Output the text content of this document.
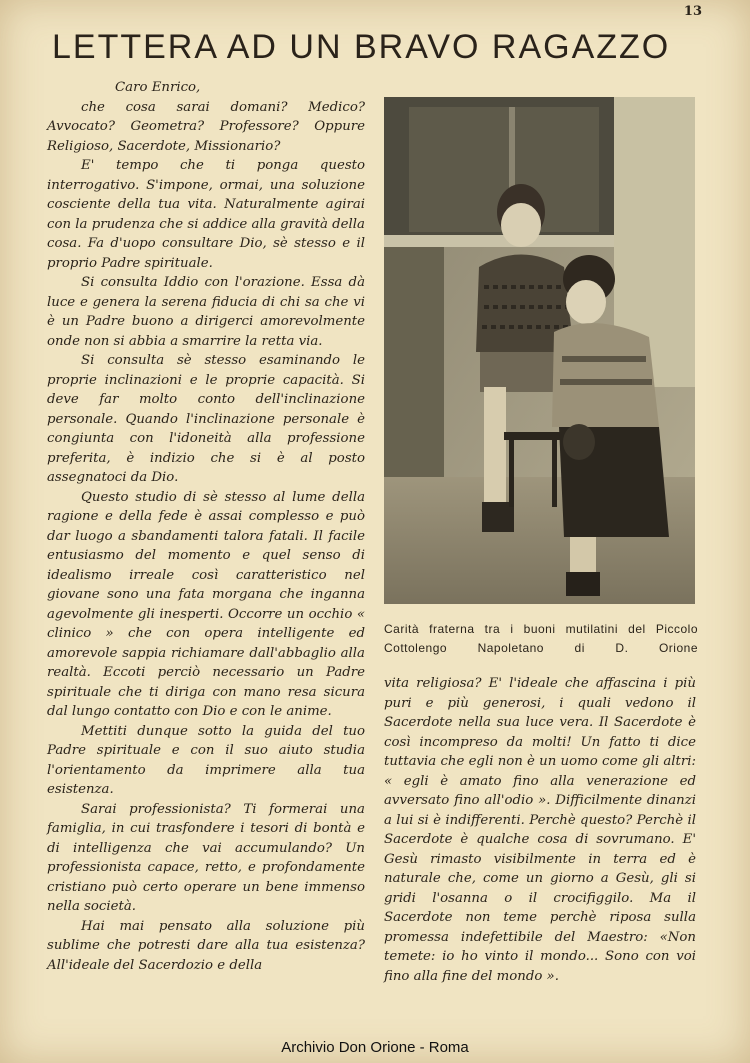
13
LETTERA AD UN BRAVO RAGAZZO

Caro Enrico,

che cosa sarai domani? Medico? Avvocato? Geometra? Professore? Oppure Religioso, Sacerdote, Missionario?

E' tempo che ti ponga questo interrogativo. S'impone, ormai, una soluzione cosciente della tua vita. Naturalmente agirai con la prudenza che si addice alla gravità della cosa. Fa d'uopo consultare Dio, sè stesso e il proprio Padre spirituale.

Si consulta Iddio con l'orazione. Essa dà luce e genera la serena fiducia di chi sa che vi è un Padre buono a dirigerci amorevolmente onde non si abbia a smarrire la retta via.

Si consulta sè stesso esaminando le proprie inclinazioni e le proprie capacità. Si deve far molto conto dell'inclinazione personale. Quando l'inclinazione personale è congiunta con l'idoneità alla professione preferita, è indizio che si è al posto assegnatoci da Dio.

Questo studio di sè stesso al lume della ragione e della fede è assai complesso e può dar luogo a sbandamenti talora fatali. Il facile entusiasmo del momento e quel senso di idealismo irreale così caratteristico nel giovane sono una fata morgana che inganna agevolmente gli inesperti. Occorre un occhio « clinico » che con opera intelligente ed amorevole sappia richiamare dall'abbaglio alla realtà. Eccoti perciò necessario un Padre spirituale che ti diriga con mano resa sicura dal lungo contatto con Dio e con le anime.

Mettiti dunque sotto la guida del tuo Padre spirituale e con il suo aiuto studia l'orientamento da imprimere alla tua esistenza.

Sarai professionista? Ti formerai una famiglia, in cui trasfondere i tesori di bontà e di intelligenza che vai accumulando? Un professionista capace, retto, e profondamente cristiano può certo operare un bene immenso nella società.

Hai mai pensato alla soluzione più sublime che potresti dare alla tua esistenza? All'ideale del Sacerdozio e della

Carità fraterna tra i buoni mutilatini del Piccolo Cottolengo Napoletano di D. Orione

vita religiosa? E' l'ideale che affascina i più puri e più generosi, i quali vedono il Sacerdote nella sua luce vera. Il Sacerdote è così incompreso da molti! Un fatto ti dice tuttavia che egli non è un uomo come gli altri: « egli è amato fino alla venerazione ed avversato fino all'odio ». Difficilmente dinanzi a lui si è indifferenti. Perchè questo? Perchè il Sacerdote è qualche cosa di sovrumano. E' Gesù rimasto visibilmente in terra ed è naturale che, come un giorno a Gesù, gli si gridi l'osanna o il crocifiggilo. Ma il Sacerdote non teme perchè riposa sulla promessa indefettibile del Maestro: «Non temete: io ho vinto il mondo... Sono con voi fino alla fine del mondo ».

Archivio Don Orione - Roma
